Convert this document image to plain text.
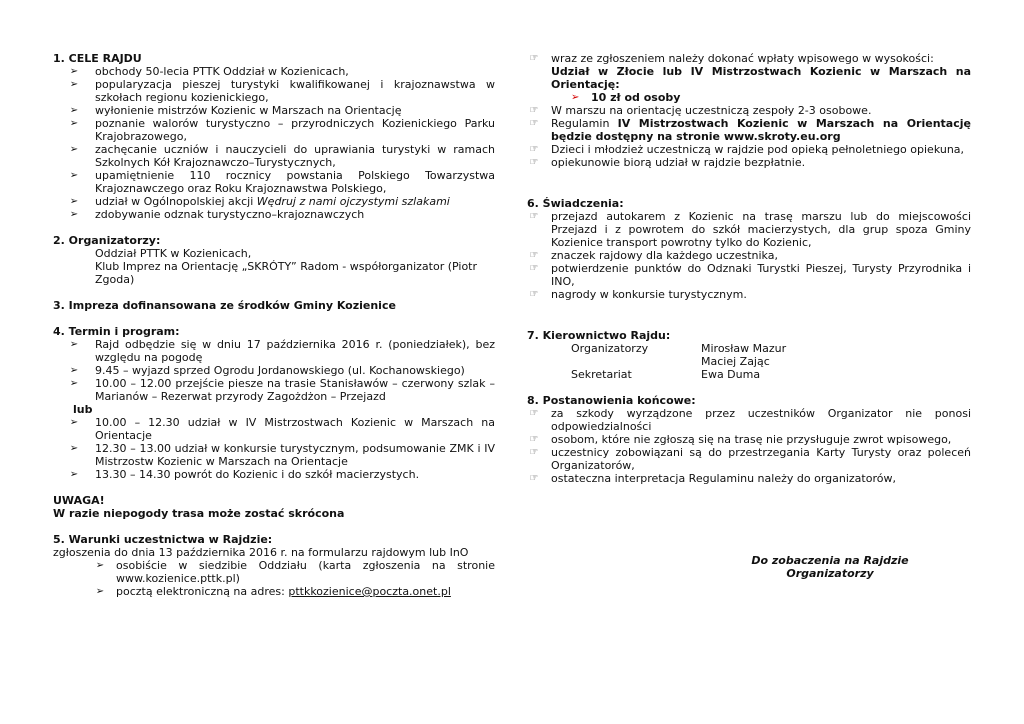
1. CELE RAJDU

➢ obchody 50-lecia PTTK Oddział w Kozienicach,
➢ popularyzacja pieszej turystyki kwalifikowanej i krajoznawstwa w szkołach regionu kozienickiego,
➢ wyłonienie mistrzów Kozienic w Marszach na Orientację
➢ poznanie walorów turystyczno – przyrodniczych Kozienickiego Parku Krajobrazowego,
➢ zachęcanie uczniów i nauczycieli do uprawiania turystyki w ramach Szkolnych Kół Krajoznawczo–Turystycznych,
➢ upamiętnienie 110 rocznicy powstania Polskiego Towarzystwa Krajoznawczego oraz Roku Krajoznawstwa Polskiego,
➢ udział w Ogólnopolskiej akcji Wędruj z nami ojczystymi szlakami
➢ zdobywanie odznak turystyczno–krajoznawczych

2. Organizatorzy:

Oddział PTTK w Kozienicach,
Klub Imprez na Orientację „SKRÓTY” Radom - współorganizator (Piotr Zgoda)

3. Impreza dofinansowana ze środków Gminy Kozienice

4. Termin i program:

➢ Rajd odbędzie się w dniu 17 października 2016 r. (poniedziałek), bez względu na pogodę
➢ 9.45 – wyjazd sprzed Ogrodu Jordanowskiego (ul. Kochanowskiego)
➢ 10.00 – 12.00 przejście piesze na trasie Stanisławów – czerwony szlak – Marianów – Rezerwat przyrody Zagożdżon – Przejazd
lub
➢ 10.00 – 12.30 udział w IV Mistrzostwach Kozienic w Marszach na Orientacje
➢ 12.30 – 13.00 udział w konkursie turystycznym, podsumowanie ZMK i IV Mistrzostw Kozienic w Marszach na Orientacje
➢ 13.30 – 14.30 powrót do Kozienic i do szkół macierzystych.

UWAGA!

W razie niepogody trasa może zostać skrócona

5. Warunki uczestnictwa w Rajdzie:

zgłoszenia do dnia 13 października 2016 r. na formularzu rajdowym lub InO
➢ osobiście w siedzibie Oddziału (karta zgłoszenia na stronie www.kozienice.pttk.pl)
➢ pocztą elektroniczną na adres: pttkkozienice@poczta.onet.pl
☞ wraz ze zgłoszeniem należy dokonać wpłaty wpisowego w wysokości:
Udział w Złocie lub IV Mistrzostwach Kozienic w Marszach na Orientację:
➢ 10 zł od osoby
☞ W marszu na orientację uczestniczą zespoły 2-3 osobowe.
☞ Regulamin IV Mistrzostwach Kozienic w Marszach na Orientację będzie dostępny na stronie www.skroty.eu.org
☞ Dzieci i młodzież uczestniczą w rajdzie pod opieką pełnoletniego opiekuna,
☞ opiekunowie biorą udział w rajdzie bezpłatnie.

6. Świadczenia:

☞ przejazd autokarem z Kozienic na trasę marszu lub do miejscowości Przejazd i z powrotem do szkół macierzystych, dla grup spoza Gminy Kozienice transport powrotny tylko do Kozienic,
☞ znaczek rajdowy dla każdego uczestnika,
☞ potwierdzenie punktów do Odznaki Turystki Pieszej, Turysty Przyrodnika i INO,
☞ nagrody w konkursie turystycznym.

7. Kierownictwo Rajdu:

Organizatorzy	Mirosław Mazur
Maciej Zając
Sekretariat	Ewa Duma

8. Postanowienia końcowe:

☞ za szkody wyrządzone przez uczestników Organizator nie ponosi odpowiedzialności
☞ osobom, które nie zgłoszą się na trasę nie przysługuje zwrot wpisowego,
☞ uczestnicy zobowiązani są do przestrzegania Karty Turysty oraz poleceń Organizatorów,
☞ ostateczna interpretacja Regulaminu należy do organizatorów,
Do zobaczenia na Rajdzie
Organizatorzy
